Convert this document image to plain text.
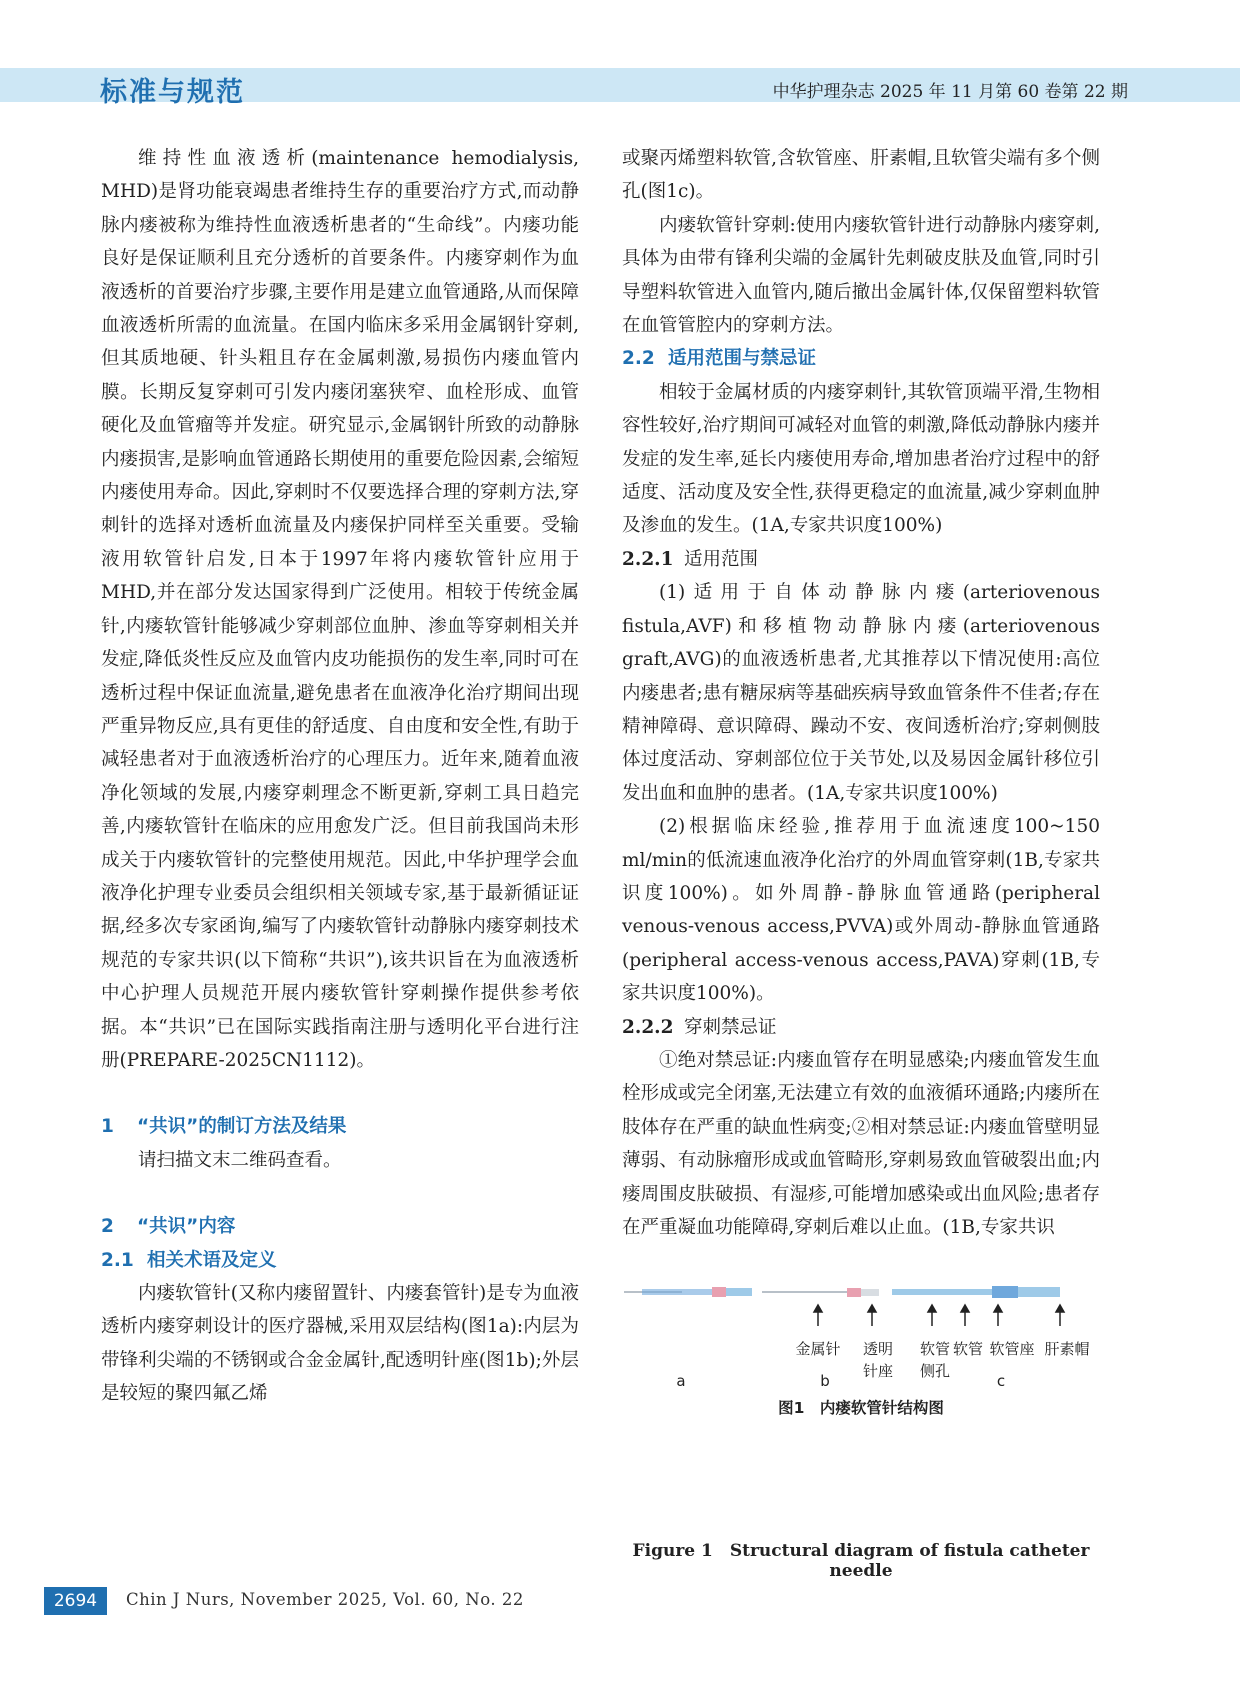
标准与规范	中华护理杂志 2025 年 11 月第 60 卷第 22 期

维持性血液透析(maintenance hemodialysis, MHD)是肾功能衰竭患者维持生存的重要治疗方式,而动静脉内瘘被称为维持性血液透析患者的“生命线”。内瘘功能良好是保证顺利且充分透析的首要条件。内瘘穿刺作为血液透析的首要治疗步骤,主要作用是建立血管通路,从而保障血液透析所需的血流量。在国内临床多采用金属钢针穿刺,但其质地硬、针头粗且存在金属刺激,易损伤内瘘血管内膜。长期反复穿刺可引发内瘘闭塞狭窄、血栓形成、血管硬化及血管瘤等并发症。研究显示,金属钢针所致的动静脉内瘘损害,是影响血管通路长期使用的重要危险因素,会缩短内瘘使用寿命。因此,穿刺时不仅要选择合理的穿刺方法,穿刺针的选择对透析血流量及内瘘保护同样至关重要。受输液用软管针启发,日本于1997年将内瘘软管针应用于MHD,并在部分发达国家得到广泛使用。相较于传统金属针,内瘘软管针能够减少穿刺部位血肿、渗血等穿刺相关并发症,降低炎性反应及血管内皮功能损伤的发生率,同时可在透析过程中保证血流量,避免患者在血液净化治疗期间出现严重异物反应,具有更佳的舒适度、自由度和安全性,有助于减轻患者对于血液透析治疗的心理压力。近年来,随着血液净化领域的发展,内瘘穿刺理念不断更新,穿刺工具日趋完善,内瘘软管针在临床的应用愈发广泛。但目前我国尚未形成关于内瘘软管针的完整使用规范。因此,中华护理学会血液净化护理专业委员会组织相关领域专家,基于最新循证证据,经多次专家函询,编写了内瘘软管针动静脉内瘘穿刺技术规范的专家共识(以下简称“共识”),该共识旨在为血液透析中心护理人员规范开展内瘘软管针穿刺操作提供参考依据。本“共识”已在国际实践指南注册与透明化平台进行注册(PREPARE-2025CN1112)。

1 “共识”的制订方法及结果

请扫描文末二维码查看。

2 “共识”内容
2.1 相关术语及定义

内瘘软管针(又称内瘘留置针、内瘘套管针)是专为血液透析内瘘穿刺设计的医疗器械,采用双层结构(图1a):内层为带锋利尖端的不锈钢或合金金属针,配透明针座(图1b);外层是较短的聚四氟乙烯

或聚丙烯塑料软管,含软管座、肝素帽,且软管尖端有多个侧孔(图1c)。

内瘘软管针穿刺:使用内瘘软管针进行动静脉内瘘穿刺,具体为由带有锋利尖端的金属针先刺破皮肤及血管,同时引导塑料软管进入血管内,随后撤出金属针体,仅保留塑料软管在血管管腔内的穿刺方法。

2.2 适用范围与禁忌证

相较于金属材质的内瘘穿刺针,其软管顶端平滑,生物相容性较好,治疗期间可减轻对血管的刺激,降低动静脉内瘘并发症的发生率,延长内瘘使用寿命,增加患者治疗过程中的舒适度、活动度及安全性,获得更稳定的血流量,减少穿刺血肿及渗血的发生。(1A,专家共识度100%)

2.2.1 适用范围

(1)适用于自体动静脉内瘘(arteriovenous fistula,AVF)和移植物动静脉内瘘(arteriovenous graft,AVG)的血液透析患者,尤其推荐以下情况使用:高位内瘘患者;患有糖尿病等基础疾病导致血管条件不佳者;存在精神障碍、意识障碍、躁动不安、夜间透析治疗;穿刺侧肢体过度活动、穿刺部位位于关节处,以及易因金属针移位引发出血和血肿的患者。(1A,专家共识度100%)

(2)根据临床经验,推荐用于血流速度100~150 ml/min的低流速血液净化治疗的外周血管穿刺(1B,专家共识度100%)。如外周静-静脉血管通路(peripheral venous-venous access,PVVA)或外周动-静脉血管通路(peripheral access-venous access,PAVA)穿刺(1B,专家共识度100%)。

2.2.2 穿刺禁忌证

①绝对禁忌证:内瘘血管存在明显感染;内瘘血管发生血栓形成或完全闭塞,无法建立有效的血液循环通路;内瘘所在肢体存在严重的缺血性病变;②相对禁忌证:内瘘血管壁明显薄弱、有动脉瘤形成或血管畸形,穿刺易致血管破裂出血;内瘘周围皮肤破损、有湿疹,可能增加感染或出血风险;患者存在严重凝血功能障碍,穿刺后难以止血。(1B,专家共识

金属针 透明针座
软管侧孔
软管 软管座 肝素帽
a	b	c
图1　内瘘软管针结构图
Figure 1　Structural diagram of fistula catheter needle
2694	Chin J Nurs, November 2025, Vol. 60, No. 22
